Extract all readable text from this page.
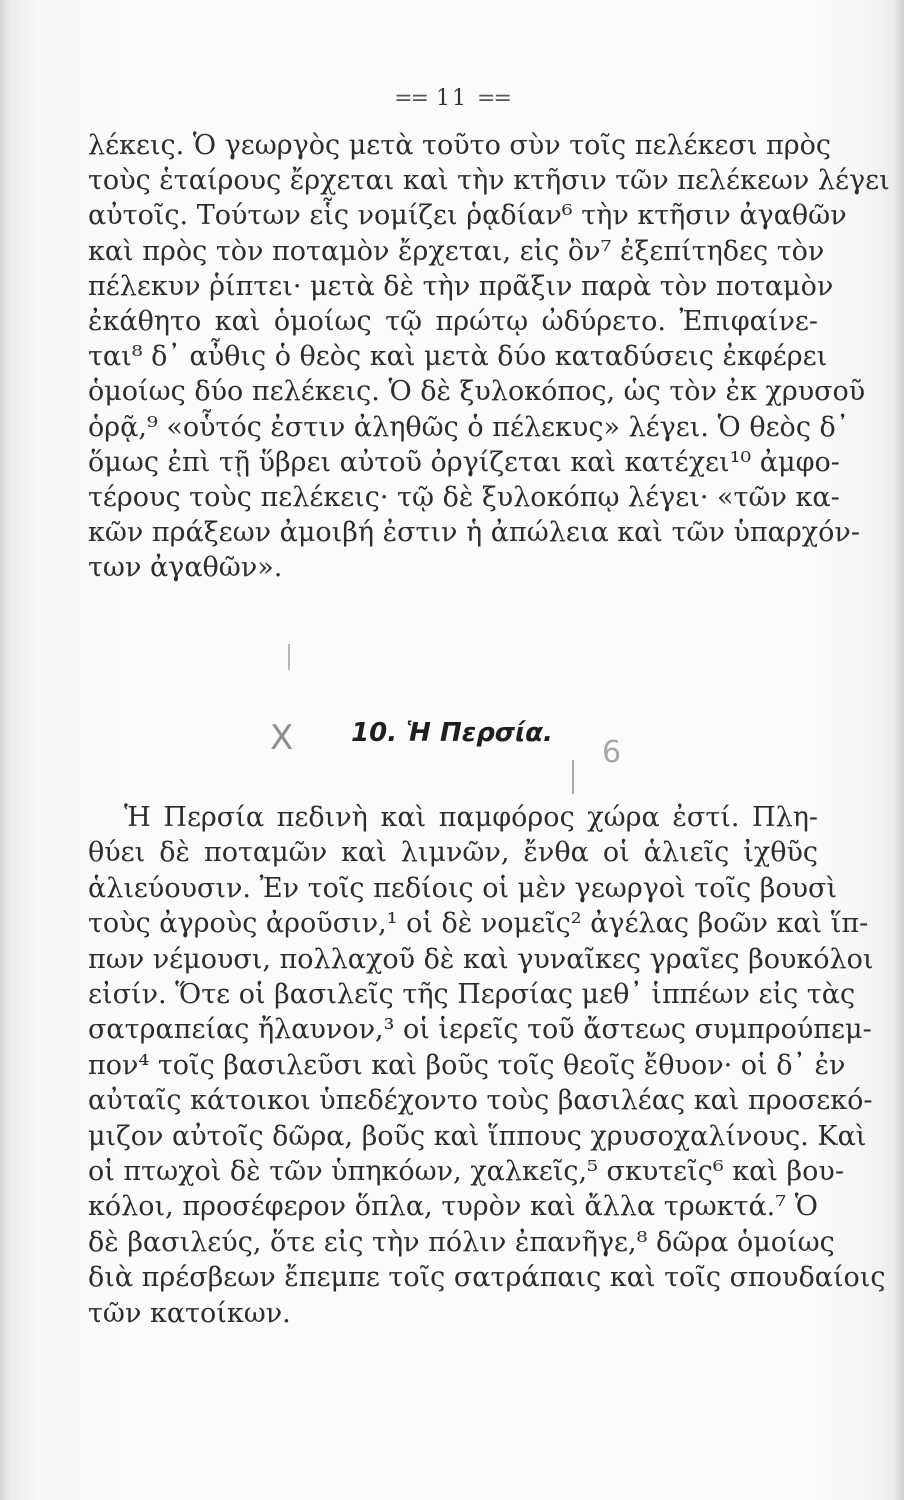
== 11 ==
λέκεις. Ὁ γεωργὸς μετὰ τοῦτο σὺν τοῖς πελέκεσι πρὸς
τοὺς ἑταίρους ἔρχεται καὶ τὴν κτῆσιν τῶν πελέκεων λέγει
αὐτοῖς. Τούτων εἷς νομίζει ῥᾳδίαν⁶ τὴν κτῆσιν ἀγαθῶν
καὶ πρὸς τὸν ποταμὸν ἔρχεται, εἰς ὃν⁷ ἐξεπίτηδες τὸν
πέλεκυν ῥίπτει· μετὰ δὲ τὴν πρᾶξιν παρὰ τὸν ποταμὸν
ἐκάθητο καὶ ὁμοίως τῷ πρώτῳ ὠδύρετο. Ἐπιφαίνε-
ται⁸ δ᾿ αὖθις ὁ θεὸς καὶ μετὰ δύο καταδύσεις ἐκφέρει
ὁμοίως δύο πελέκεις. Ὁ δὲ ξυλοκόπος, ὡς τὸν ἐκ χρυσοῦ
ὁρᾷ,⁹ «οὗτός ἐστιν ἀληθῶς ὁ πέλεκυς» λέγει. Ὁ θεὸς δ᾿
ὅμως ἐπὶ τῇ ὕβρει αὐτοῦ ὀργίζεται καὶ κατέχει¹⁰ ἀμφο-
τέρους τοὺς πελέκεις· τῷ δὲ ξυλοκόπῳ λέγει· «τῶν κα-
κῶν πράξεων ἀμοιβή ἐστιν ἡ ἀπώλεια καὶ τῶν ὑπαρχόν-
των ἀγαθῶν».
X	10. Ἡ Περσία.
6
Ἡ Περσία πεδινὴ καὶ παμφόρος χώρα ἐστί. Πλη-
θύει δὲ ποταμῶν καὶ λιμνῶν, ἔνθα οἱ ἁλιεῖς ἰχθῦς
ἁλιεύουσιν. Ἐν τοῖς πεδίοις οἱ μὲν γεωργοὶ τοῖς βουσὶ
τοὺς ἀγροὺς ἀροῦσιν,¹ οἱ δὲ νομεῖς² ἀγέλας βοῶν καὶ ἵπ-
πων νέμουσι, πολλαχοῦ δὲ καὶ γυναῖκες γραῖες βουκόλοι
εἰσίν. Ὅτε οἱ βασιλεῖς τῆς Περσίας μεθ᾿ ἱππέων εἰς τὰς
σατραπείας ἤλαυνον,³ οἱ ἱερεῖς τοῦ ἄστεως συμπρούπεμ-
πον⁴ τοῖς βασιλεῦσι καὶ βοῦς τοῖς θεοῖς ἔθυον· οἱ δ᾿ ἐν
αὐταῖς κάτοικοι ὑπεδέχοντο τοὺς βασιλέας καὶ προσεκό-
μιζον αὐτοῖς δῶρα, βοῦς καὶ ἵππους χρυσοχαλίνους. Καὶ
οἱ πτωχοὶ δὲ τῶν ὑπηκόων, χαλκεῖς,⁵ σκυτεῖς⁶ καὶ βου-
κόλοι, προσέφερον ὅπλα, τυρὸν καὶ ἄλλα τρωκτά.⁷ Ὁ
δὲ βασιλεύς, ὅτε εἰς τὴν πόλιν ἐπανῆγε,⁸ δῶρα ὁμοίως
διὰ πρέσβεων ἔπεμπε τοῖς σατράπαις καὶ τοῖς σπουδαίοις
τῶν κατοίκων.
